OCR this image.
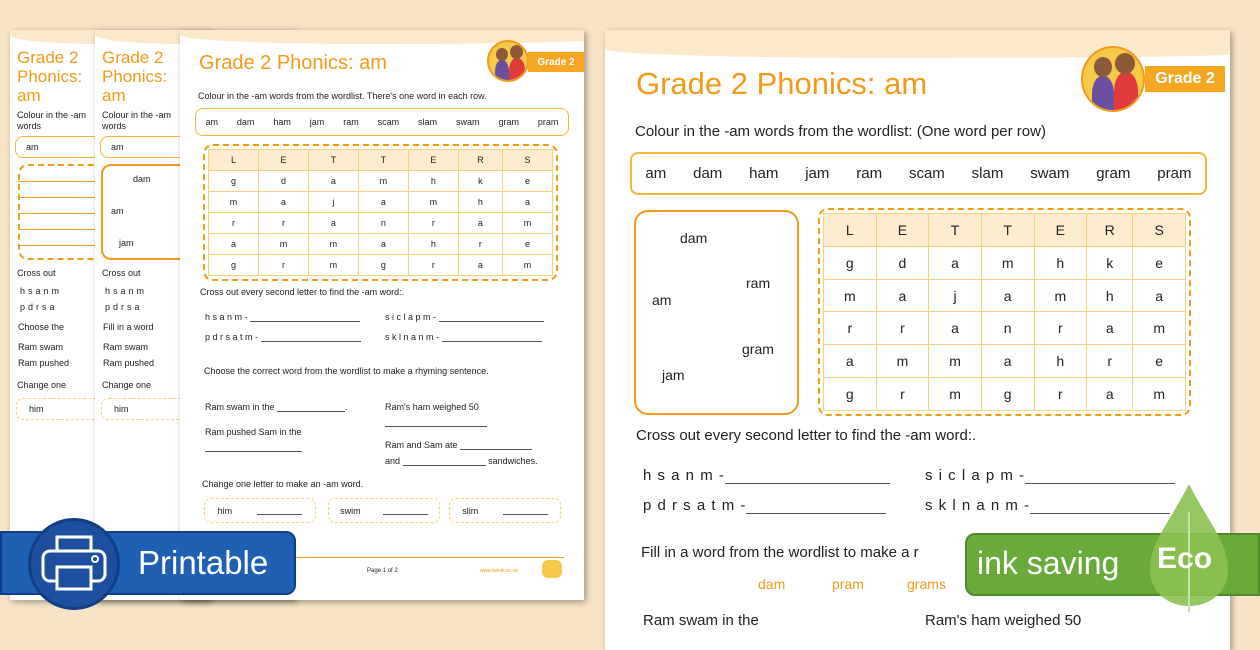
Grade 2 Phonics: am
Colour in the -am words
am
Cross out
hsanm
pdrsa
Choose the
Ram swam
Ram pushed
Change one
him
Grade 2 Phonics: am
Colour in the -am words
am
dam
am
jam
Cross out
hsanm
pdrsa
Fill in a word
Ram swam
Ram pushed
Change one
him
Grade 2 Phonics: am	Grade 2
Colour in the -am words from the wordlist. There's one word in each row.
am dam ham jam ram scam slam swam gram pram
L	E	T	T	E	R	S
g	d	a	m	h	k	e
m	a	j	a	m	h	a
r	r	a	n	r	a	m
a	m	m	a	h	r	e
g	r	m	g	r	a	m
Cross out every second letter to find the -am word:.
hsanm-	siclapm-
pdrsatm-	sklnanm-
Choose the correct word from the wordlist to make a rhyming sentence.
Ram swam in the	.
Ram pushed Sam in the
Ram's ham weighed 50
Ram and Sam ate
and	sandwiches.
Change one letter to make an -am word.
him	swim	slim
Page 1 of 2	www.twinkl.co.za
Grade 2 Phonics: am	Grade 2
Colour in the -am words from the wordlist: (One word per row)
am dam ham jam ram scam slam swam gram pram
dam
ram
am
gram
jam
L	E	T	T	E	R	S
g	d	a	m	h	k	e
m	a	j	a	m	h	a
r	r	a	n	r	a	m
a	m	m	a	h	r	e
g	r	m	g	r	a	m
Cross out every second letter to find the -am word:.
h s a n m -	s i c l a p m -
p d r s a t m -	s k l n a n m -
Fill in a word from the wordlist to make a r
dam	pram	grams
Ram swam in the	Ram's ham weighed 50
Printable	ink saving Eco
